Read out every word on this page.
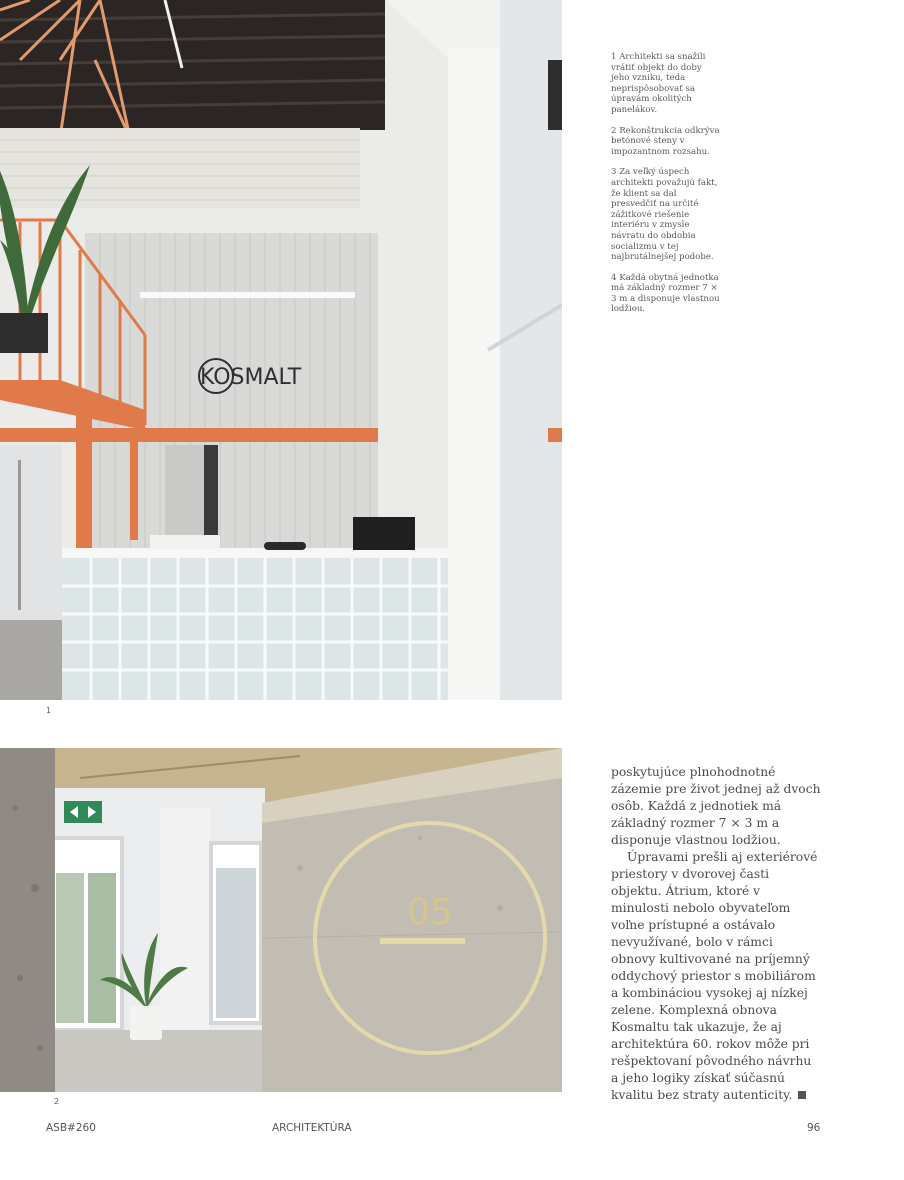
KOSMALT
1
05
2

1 Architekti sa snažili vrátiť objekt do doby jeho vzniku, teda neprispôsobovať sa úpravám okolitých panelákov.

2 Rekonštrukcia odkrýva betónové steny v impozantnom rozsahu.

3 Za veľký úspech architekti považujú fakt, že klient sa dal presvedčiť na určité zážitkové riešenie interiéru v zmysle návratu do obdobia socializmu v tej najbrutálnejšej podobe.

4 Každá obytná jednotka má základný rozmer 7 × 3 m a disponuje vlastnou lodžiou.

poskytujúce plnohodnotné zázemie pre život jednej až dvoch osôb. Každá z jednotiek má základný rozmer 7 × 3 m a disponuje vlastnou lodžiou.

Úpravami prešli aj exteriérové priestory v dvorovej časti objektu. Átrium, ktoré v minulosti nebolo obyvateľom voľne prístupné a ostávalo nevyužívané, bolo v rámci obnovy kultivované na príjemný oddychový priestor s mobiliárom a kombináciou vysokej aj nízkej zelene. Komplexná obnova Kosmaltu tak ukazuje, že aj architektúra 60. rokov môže pri rešpektovaní pôvodného návrhu a jeho logiky získať súčasnú kvalitu bez straty autenticity.

ASB#260	ARCHITEKTÚRA	96
